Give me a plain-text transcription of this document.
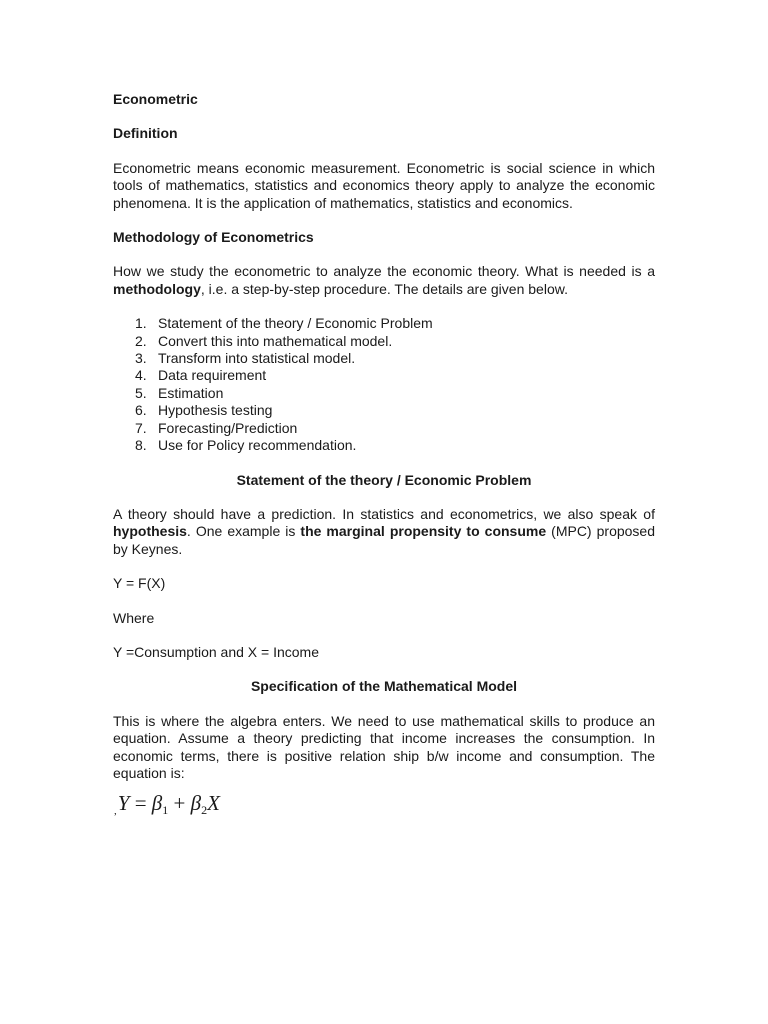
Econometric

Definition

Econometric means economic measurement. Econometric is social science in which tools of mathematics, statistics and economics theory apply to analyze the economic phenomena. It is the application of mathematics, statistics and economics.

Methodology of Econometrics

How we study the econometric to analyze the economic theory. What is needed is a methodology, i.e. a step-by-step procedure. The details are given below.

1. Statement of the theory / Economic Problem
2. Convert this into mathematical model.
3. Transform into statistical model.
4. Data requirement
5. Estimation
6. Hypothesis testing
7. Forecasting/Prediction
8. Use for Policy recommendation.

Statement of the theory / Economic Problem

A theory should have a prediction. In statistics and econometrics, we also speak of hypothesis. One example is the marginal propensity to consume (MPC) proposed by Keynes.

Y = F(X)

Where

Y =Consumption and X = Income

Specification of the Mathematical Model

This is where the algebra enters. We need to use mathematical skills to produce an equation. Assume a theory predicting that income increases the consumption. In economic terms, there is positive relation ship b/w income and consumption. The equation is:

$,Y = \beta_1 + \beta_2X$
